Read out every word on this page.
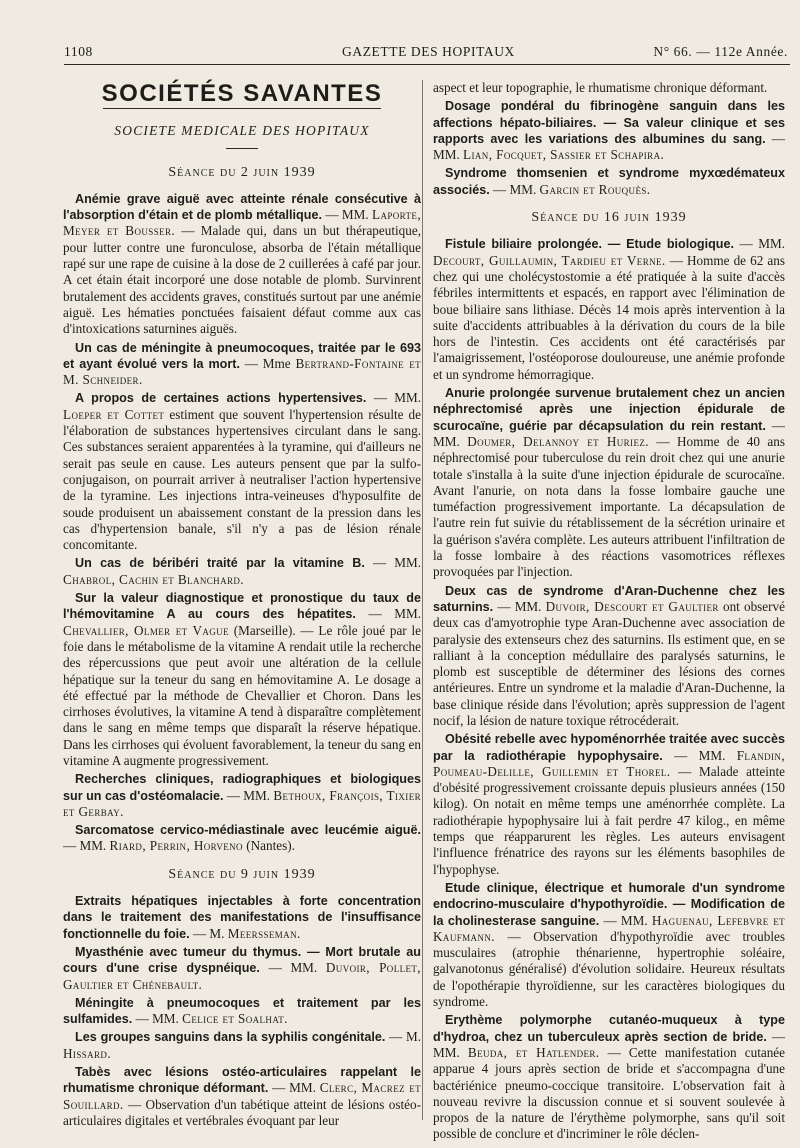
1108	GAZETTE DES HOPITAUX	N° 66. — 112e Année.
SOCIÉTÉS SAVANTES
SOCIETE MEDICALE DES HOPITAUX
Séance du 2 juin 1939

Anémie grave aiguë avec atteinte rénale consécutive à l'absorption d'étain et de plomb métallique. — MM. Laporte, Meyer et Bousser. — Malade qui, dans un but thérapeutique, pour lutter contre une furonculose, absorba de l'étain métallique rapé sur une rape de cuisine à la dose de 2 cuillerées à café par jour. A cet étain était incorporé une dose notable de plomb. Survinrent brutalement des accidents graves, constitués surtout par une anémie aiguë. Les hématies ponctuées faisaient défaut comme aux cas d'intoxications saturnines aiguës.

Un cas de méningite à pneumocoques, traitée par le 693 et ayant évolué vers la mort. — Mme Bertrand-Fontaine et M. Schneider.

A propos de certaines actions hypertensives. — MM. Loeper et Cottet estiment que souvent l'hypertension résulte de l'élaboration de substances hypertensives circulant dans le sang. Ces substances seraient apparentées à la tyramine, qui d'ailleurs ne serait pas seule en cause. Les auteurs pensent que par la sulfo-conjugaison, on pourrait arriver à neutraliser l'action hypertensive de la tyramine. Les injections intra-veineuses d'hyposulfite de soude produisent un abaissement constant de la pression dans les cas d'hypertension banale, s'il n'y a pas de lésion rénale concomitante.

Un cas de béribéri traité par la vitamine B. — MM. Chabrol, Cachin et Blanchard.

Sur la valeur diagnostique et pronostique du taux de l'hémovitamine A au cours des hépatites. — MM. Chevallier, Olmer et Vague (Marseille). — Le rôle joué par le foie dans le métabolisme de la vitamine A rendait utile la recherche des répercussions que peut avoir une altération de la cellule hépatique sur la teneur du sang en hémovitamine A. Le dosage a été effectué par la méthode de Chevallier et Choron. Dans les cirrhoses évolutives, la vitamine A tend à disparaître complètement dans le sang en même temps que disparaît la réserve hépatique. Dans les cirrhoses qui évoluent favorablement, la teneur du sang en vitamine A augmente progressivement.

Recherches cliniques, radiographiques et biologiques sur un cas d'ostéomalacie. — MM. Bethoux, François, Tixier et Gerbay.

Sarcomatose cervico-médiastinale avec leucémie aiguë. — MM. Riard, Perrin, Horveno (Nantes).

Séance du 9 juin 1939

Extraits hépatiques injectables à forte concentration dans le traitement des manifestations de l'insuffisance fonctionnelle du foie. — M. Meersseman.

Myasthénie avec tumeur du thymus. — Mort brutale au cours d'une crise dyspnéique. — MM. Duvoir, Pollet, Gaultier et Chénebault.

Méningite à pneumocoques et traitement par les sulfamides. — MM. Celice et Soalhat.

Les groupes sanguins dans la syphilis congénitale. — M. Hissard.

Tabès avec lésions ostéo-articulaires rappelant le rhumatisme chronique déformant. — MM. Clerc, Macrez et Souillard. — Observation d'un tabétique atteint de lésions ostéo-articulaires digitales et vertébrales évoquant par leur

aspect et leur topographie, le rhumatisme chronique déformant.

Dosage pondéral du fibrinogène sanguin dans les affections hépato-biliaires. — Sa valeur clinique et ses rapports avec les variations des albumines du sang. — MM. Lian, Focquet, Sassier et Schapira.

Syndrome thomsenien et syndrome myxœdémateux associés. — MM. Garcin et Rouquès.

Séance du 16 juin 1939

Fistule biliaire prolongée. — Etude biologique. — MM. Decourt, Guillaumin, Tardieu et Verne. — Homme de 62 ans chez qui une cholécystostomie a été pratiquée à la suite d'accès fébriles intermittents et espacés, en rapport avec l'élimination de boue biliaire sans lithiase. Décès 14 mois après intervention à la suite d'accidents attribuables à la dérivation du cours de la bile hors de l'intestin. Ces accidents ont été caractérisés par l'amaigrissement, l'ostéoporose douloureuse, une anémie profonde et un syndrome hémorragique.

Anurie prolongée survenue brutalement chez un ancien néphrectomisé après une injection épidurale de scurocaïne, guérie par décapsulation du rein restant. — MM. Doumer, Delannoy et Huriez. — Homme de 40 ans néphrectomisé pour tuberculose du rein droit chez qui une anurie totale s'installa à la suite d'une injection épidurale de scurocaïne. Avant l'anurie, on nota dans la fosse lombaire gauche une tuméfaction progressivement importante. La décapsulation de l'autre rein fut suivie du rétablissement de la sécrétion urinaire et la guérison s'avéra complète. Les auteurs attribuent l'infiltration de la fosse lombaire à des réactions vasomotrices réflexes provoquées par l'injection.

Deux cas de syndrome d'Aran-Duchenne chez les saturnins. — MM. Duvoir, Descourt et Gaultier ont observé deux cas d'amyotrophie type Aran-Duchenne avec association de paralysie des extenseurs chez des saturnins. Ils estiment que, en se ralliant à la conception médullaire des paralysés saturnins, le plomb est susceptible de déterminer des lésions des cornes antérieures. Entre un syndrome et la maladie d'Aran-Duchenne, la base clinique réside dans l'évolution; après suppression de l'agent nocif, la lésion de nature toxique rétrocéderait.

Obésité rebelle avec hypoménorrhée traitée avec succès par la radiothérapie hypophysaire. — MM. Flandin, Poumeau-Delille, Guillemin et Thorel. — Malade atteinte d'obésité progressivement croissante depuis plusieurs années (150 kilog). On notait en même temps une aménorrhée complète. La radiothérapie hypophysaire lui à fait perdre 47 kilog., en même temps que réapparurent les règles. Les auteurs envisagent l'influence frénatrice des rayons sur les éléments basophiles de l'hypophyse.

Etude clinique, électrique et humorale d'un syndrome endocrino-musculaire d'hypothyroïdie. — Modification de la cholinesterase sanguine. — MM. Haguenau, Lefebvre et Kaufmann. — Observation d'hypothyroïdie avec troubles musculaires (atrophie thénarienne, hypertrophie soléaire, galvanotonus généralisé) d'évolution solidaire. Heureux résultats de l'opothérapie thyroïdienne, sur les caractères biologiques du syndrome.

Erythème polymorphe cutanéo-muqueux à type d'hydroa, chez un tuberculeux après section de bride. — MM. Beuda, et Hatlender. — Cette manifestation cutanée apparue 4 jours après section de bride et s'accompagna d'une bactériénice pneumo-coccique transitoire. L'observation fait à nouveau revivre la discussion connue et si souvent soulevée à propos de la nature de l'érythème polymorphe, sans qu'il soit possible de conclure et d'incriminer le rôle déclen-
